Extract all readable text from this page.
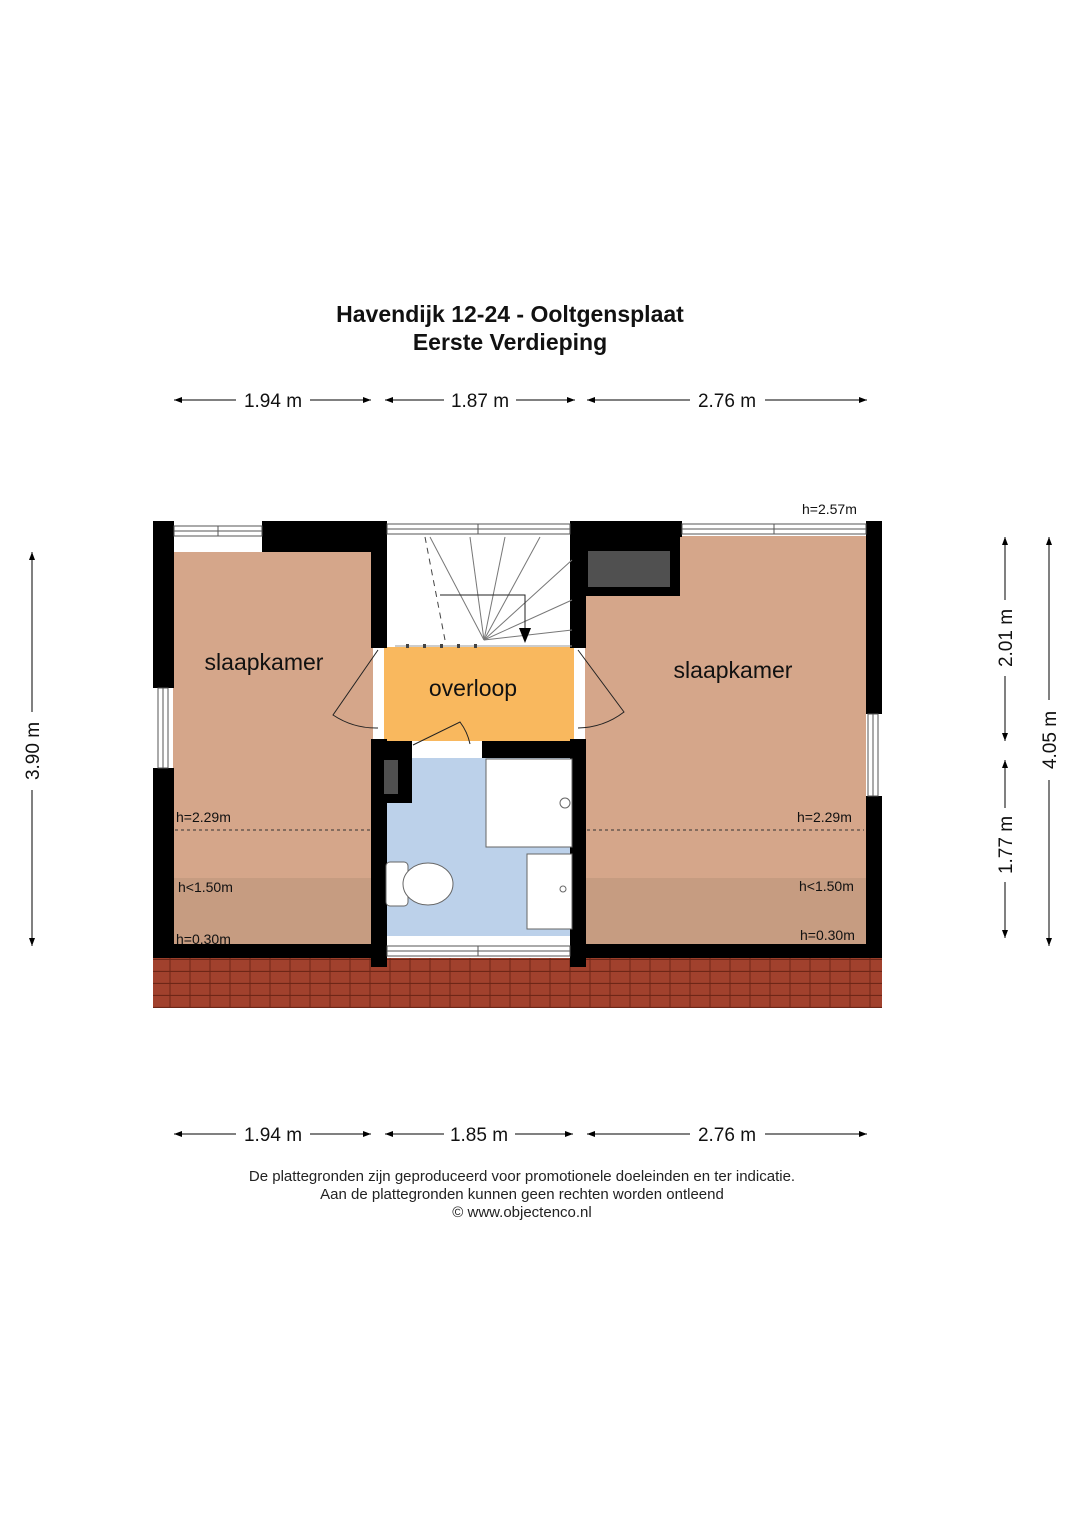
Havendijk 12-24 - Ooltgensplaat
Eerste Verdieping
1.94 m	1.87 m	2.76 m
1.94 m	1.85 m	2.76 m
3.90 m
2.01 m
1.77 m
4.05 m
slaapkamer	slaapkamer
overloop
h=2.57m
h=2.29m
h<1.50m
h=0.30m
h=2.29m
h<1.50m
h=0.30m
De plattegronden zijn geproduceerd voor promotionele doeleinden en ter indicatie.
Aan de plattegronden kunnen geen rechten worden ontleend
© www.objectenco.nl
